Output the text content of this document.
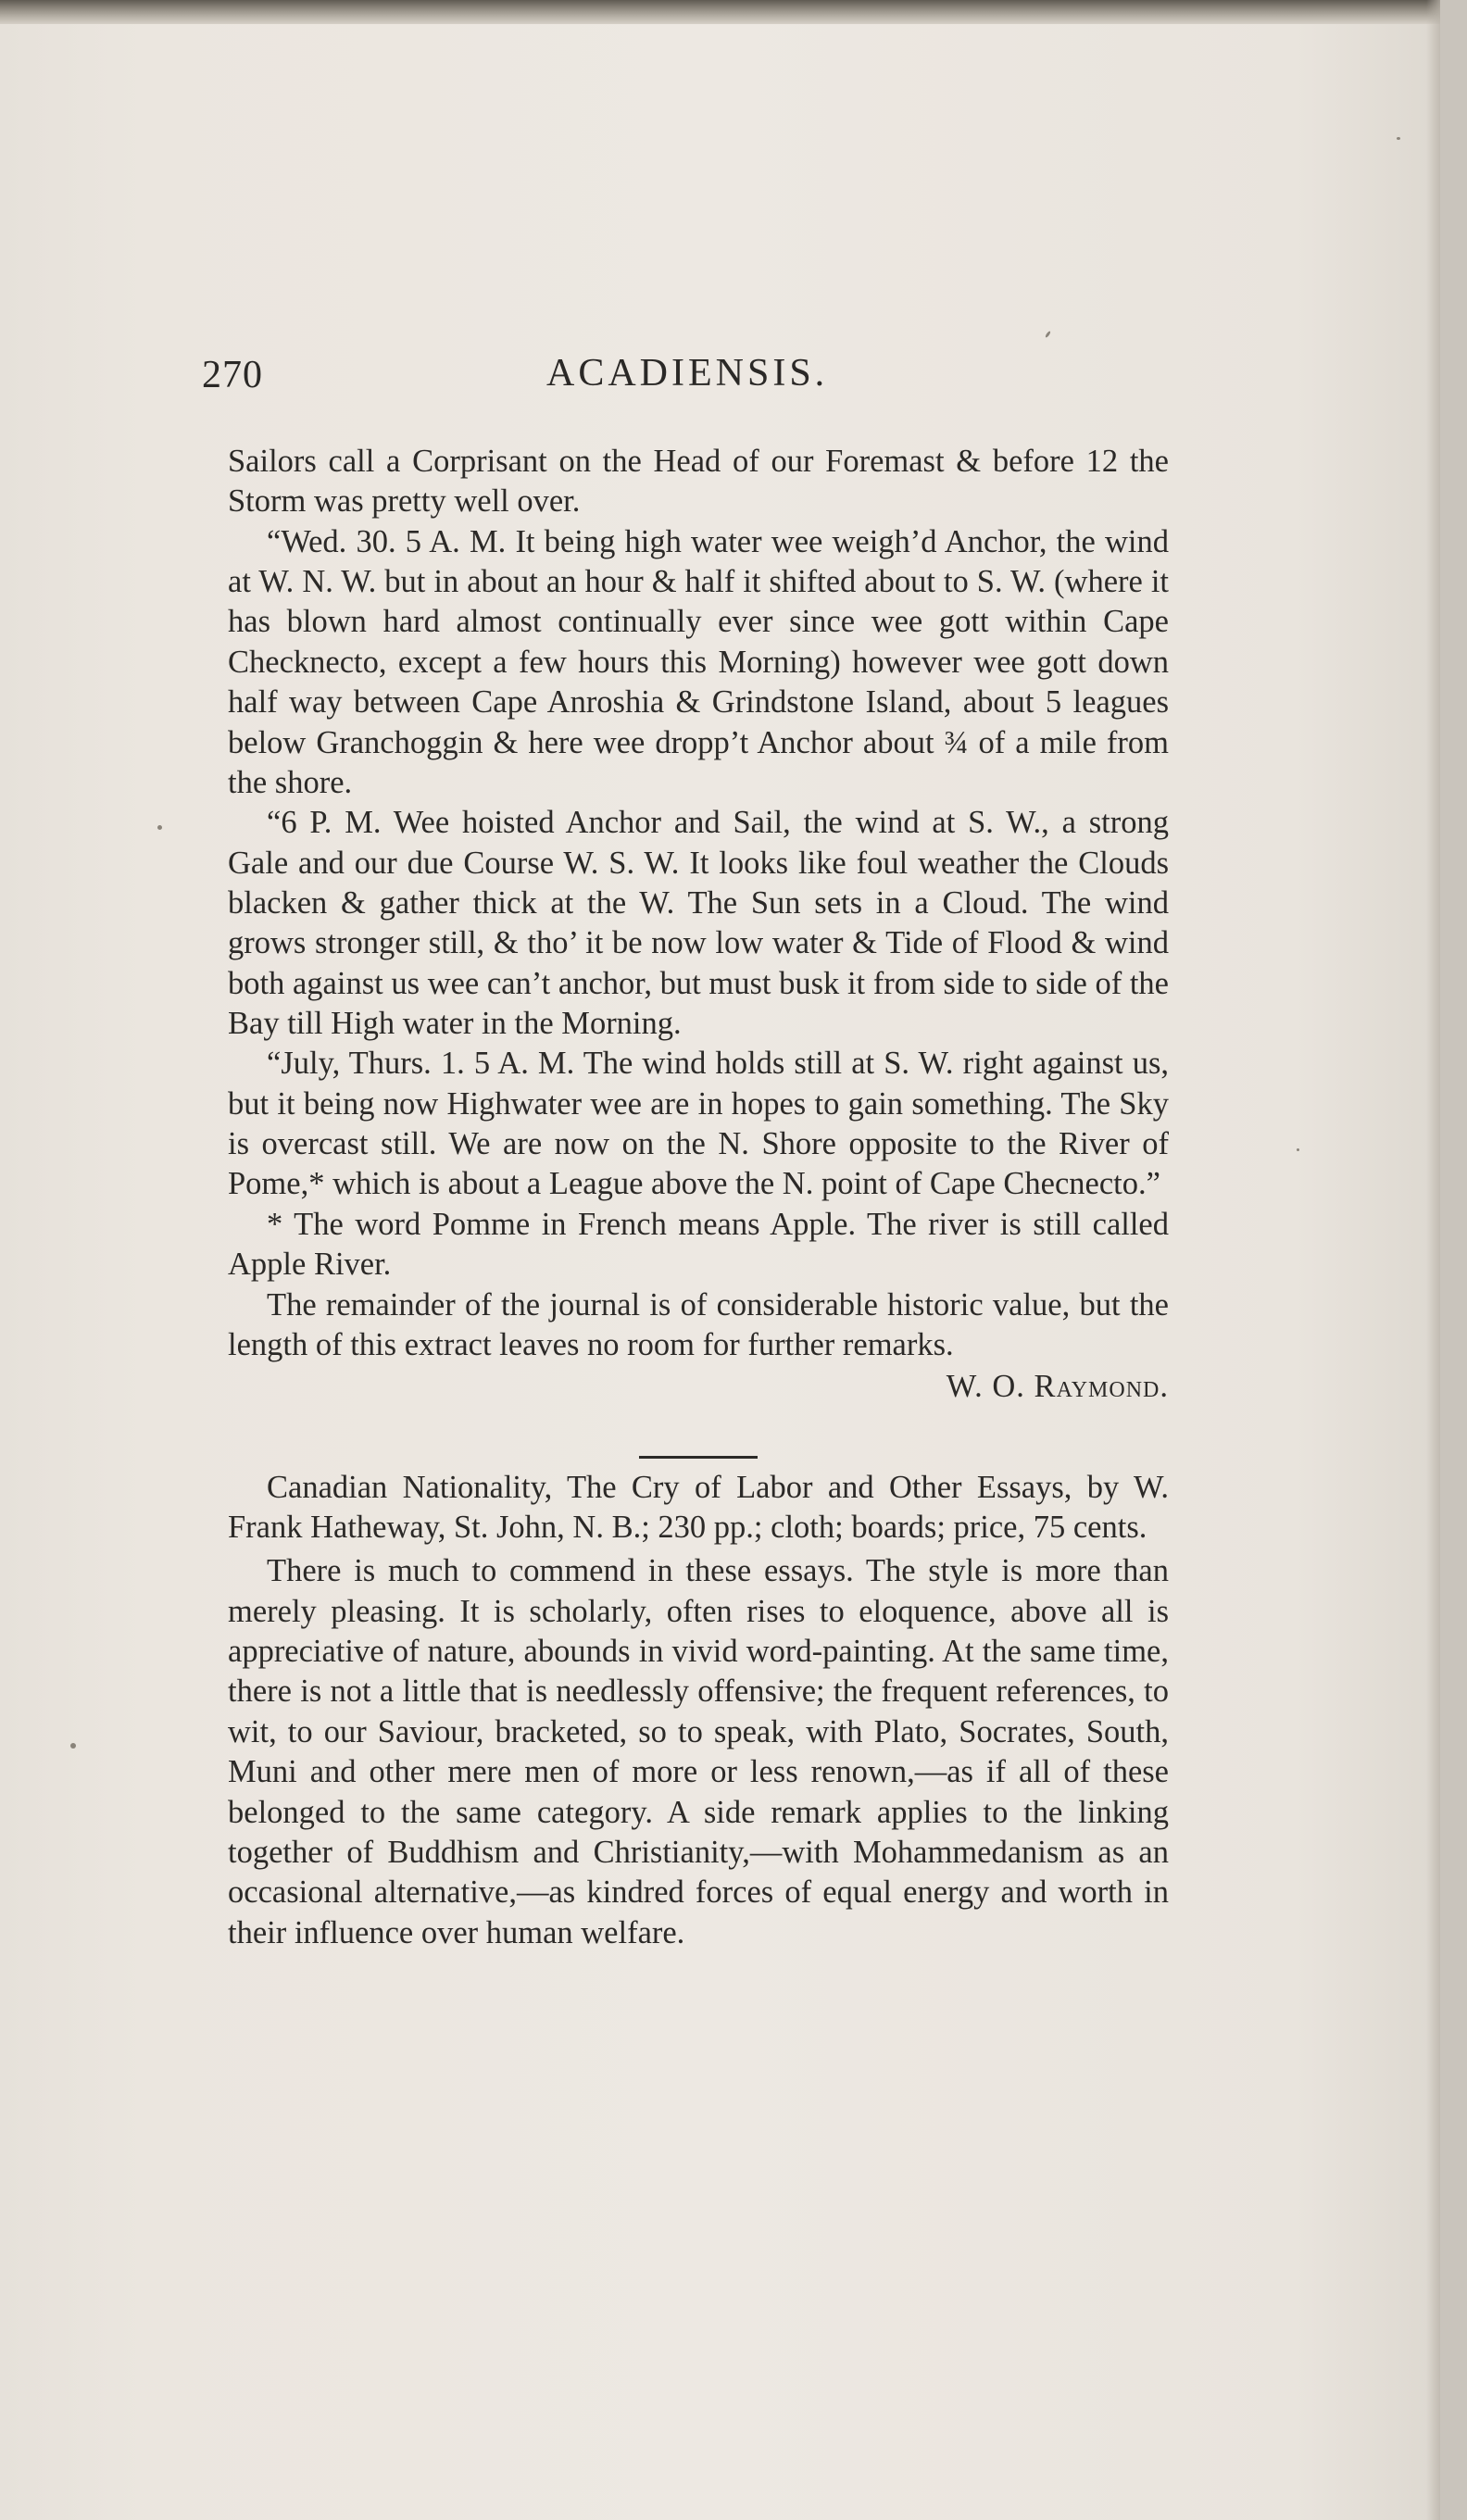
270	ACADIENSIS.

Sailors call a Corprisant on the Head of our Foremast & before 12 the Storm was pretty well over.

“Wed. 30. 5 A. M. It being high water wee weigh’d Anchor, the wind at W. N. W. but in about an hour & half it shifted about to S. W. (where it has blown hard almost continually ever since wee gott within Cape Checknecto, except a few hours this Morning) however wee gott down half way between Cape Anroshia & Grindstone Island, about 5 leagues below Granchoggin & here wee dropp’t Anchor about ¾ of a mile from the shore.

“6 P. M. Wee hoisted Anchor and Sail, the wind at S. W., a strong Gale and our due Course W. S. W. It looks like foul weather the Clouds blacken & gather thick at the W. The Sun sets in a Cloud. The wind grows stronger still, & tho’ it be now low water & Tide of Flood & wind both against us wee can’t anchor, but must busk it from side to side of the Bay till High water in the Morning.

“July, Thurs. 1. 5 A. M. The wind holds still at S. W. right against us, but it being now Highwater wee are in hopes to gain something. The Sky is overcast still. We are now on the N. Shore opposite to the River of Pome,* which is about a League above the N. point of Cape Checnecto.”

* The word Pomme in French means Apple. The river is still called Apple River.

The remainder of the journal is of considerable historic value, but the length of this extract leaves no room for further remarks.

W. O. Raymond.

Canadian Nationality, The Cry of Labor and Other Essays, by W. Frank Hatheway, St. John, N. B.; 230 pp.; cloth; boards; price, 75 cents.

There is much to commend in these essays. The style is more than merely pleasing. It is scholarly, often rises to eloquence, above all is appreciative of nature, abounds in vivid word-painting. At the same time, there is not a little that is needlessly offensive; the frequent references, to wit, to our Saviour, bracketed, so to speak, with Plato, Socrates, South, Muni and other mere men of more or less renown,—as if all of these belonged to the same category. A side remark applies to the linking together of Buddhism and Christianity,—with Mohammedanism as an occasional alternative,—as kindred forces of equal energy and worth in their influence over human welfare.
